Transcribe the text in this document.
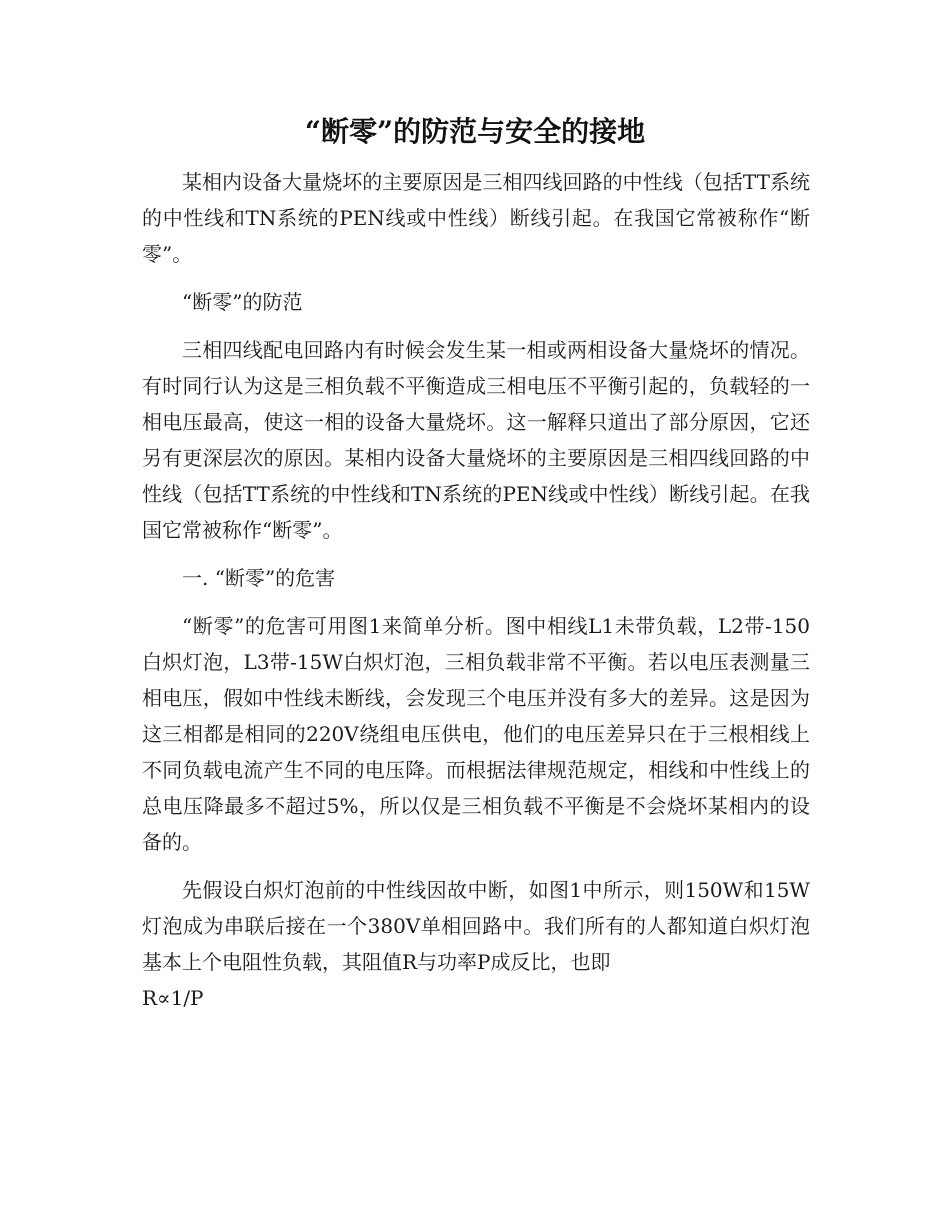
“断零”的防范与安全的接地

某相内设备大量烧坏的主要原因是三相四线回路的中性线（包括TT系统的中性线和TN系统的PEN线或中性线）断线引起。在我国它常被称作“断零”。

“断零”的防范

三相四线配电回路内有时候会发生某一相或两相设备大量烧坏的情况。有时同行认为这是三相负载不平衡造成三相电压不平衡引起的，负载轻的一相电压最高，使这一相的设备大量烧坏。这一解释只道出了部分原因，它还另有更深层次的原因。某相内设备大量烧坏的主要原因是三相四线回路的中性线（包括TT系统的中性线和TN系统的PEN线或中性线）断线引起。在我国它常被称作“断零”。

一. “断零”的危害

“断零”的危害可用图1来简单分析。图中相线L1未带负载，L2带-150白炽灯泡，L3带-15W白炽灯泡，三相负载非常不平衡。若以电压表测量三相电压，假如中性线未断线，会发现三个电压并没有多大的差异。这是因为这三相都是相同的220V绕组电压供电，他们的电压差异只在于三根相线上不同负载电流产生不同的电压降。而根据法律规范规定，相线和中性线上的总电压降最多不超过5%，所以仅是三相负载不平衡是不会烧坏某相内的设备的。

先假设白炽灯泡前的中性线因故中断，如图1中所示，则150W和15W灯泡成为串联后接在一个380V单相回路中。我们所有的人都知道白炽灯泡基本上个电阻性负载，其阻值R与功率P成反比，也即

R∝1/P
